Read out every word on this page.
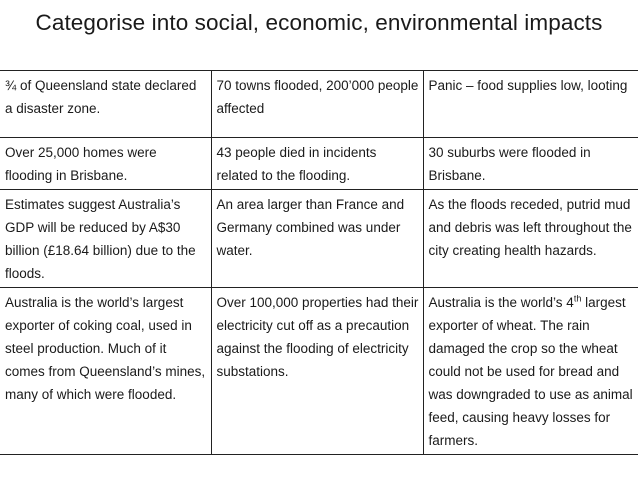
Categorise into social, economic, environmental impacts
¾ of Queensland state declared a disaster zone.	70 towns flooded, 200’000 people affected	Panic – food supplies low, looting
Over 25,000 homes were flooding in Brisbane.	43 people died in incidents related to the flooding.	30 suburbs were flooded in Brisbane.
Estimates suggest Australia’s GDP will be reduced by A$30 billion (£18.64 billion) due to the floods.	An area larger than France and Germany combined was under water.	As the floods receded, putrid mud and debris was left throughout the city creating health hazards.
Australia is the world’s largest exporter of coking coal, used in steel production. Much of it comes from Queensland’s mines, many of which were flooded.	Over 100,000 properties had their electricity cut off as a precaution against the flooding of electricity substations.	Australia is the world’s 4th largest exporter of wheat. The rain damaged the crop so the wheat could not be used for bread and was downgraded to use as animal feed, causing heavy losses for farmers.
